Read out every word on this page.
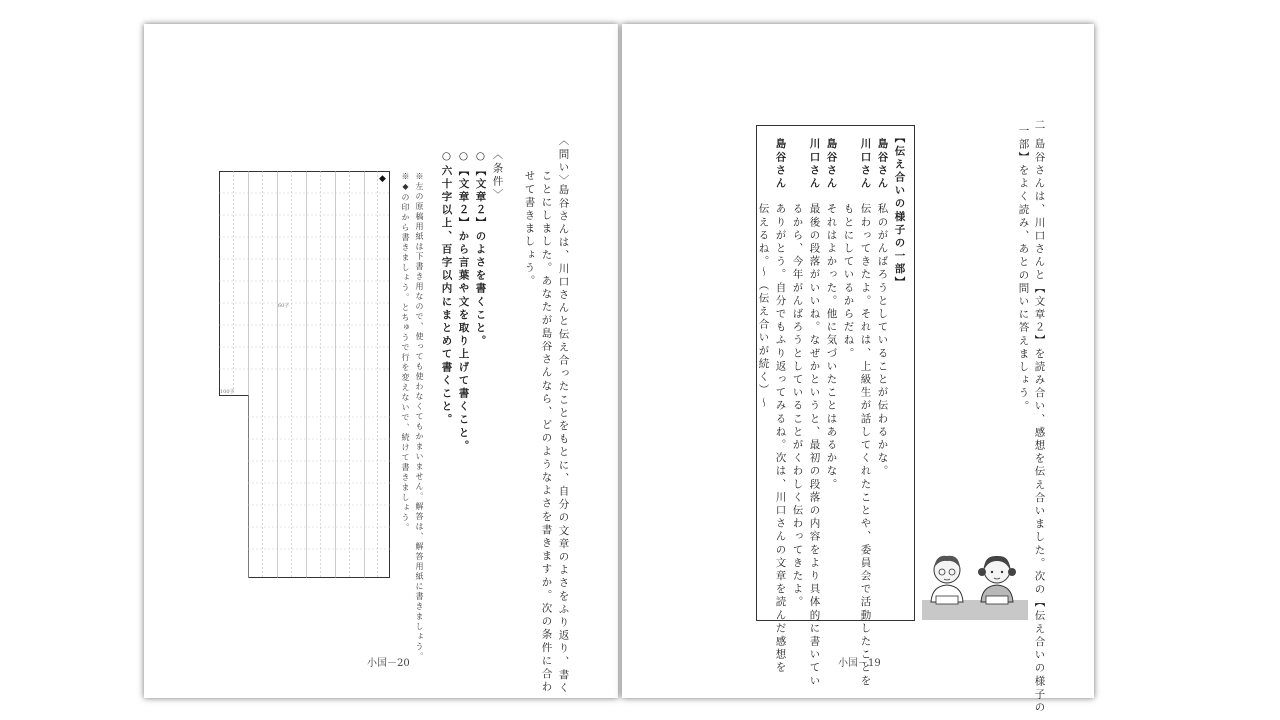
〈問い〉
島谷さんは、川口さんと伝え合ったことをもとに、自分の文章のよさをふり返り、書く
ことにしました。あなたが島谷さんなら、どのようなよさを書きますか。次の条件に合わ
せて書きましょう。
〈条件〉
○【文章２】のよさを書くこと。
○【文章２】から言葉や文を取り上げて書くこと。
○六十字以上、百字以内にまとめて書くこと。
※左の原稿用紙は下書き用なので、使っても使わなくてもかまいません。解答は、解答用紙に書きましょう。
※◆の印から書きましょう。とちゅうで行を変えないで、続けて書きましょう。
◆
60字
100字
小国－20
二
島谷さんは、川口さんと【文章２】を読み合い、感想を伝え合いました。次の【伝え合いの様子の
一部】をよく読み、あとの問いに答えましょう。
【伝え合いの様子の一部】
島谷さん
私のがんばろうとしていることが伝わるかな。
川口さん
伝わってきたよ。それは、上級生が話してくれたことや、委員会で活動したことを
もとにしているからだね。
島谷さん
それはよかった。他に気づいたことはあるかな。
川口さん
最後の段落がいいね。なぜかというと、最初の段落の内容をより具体的に書いてい
るから、今年がんばろうとしていることがくわしく伝わってきたよ。
島谷さん
ありがとう。自分でもふり返ってみるね。次は、川口さんの文章を読んだ感想を
伝えるね。
〜（伝え合いが続く）〜
小国－19
